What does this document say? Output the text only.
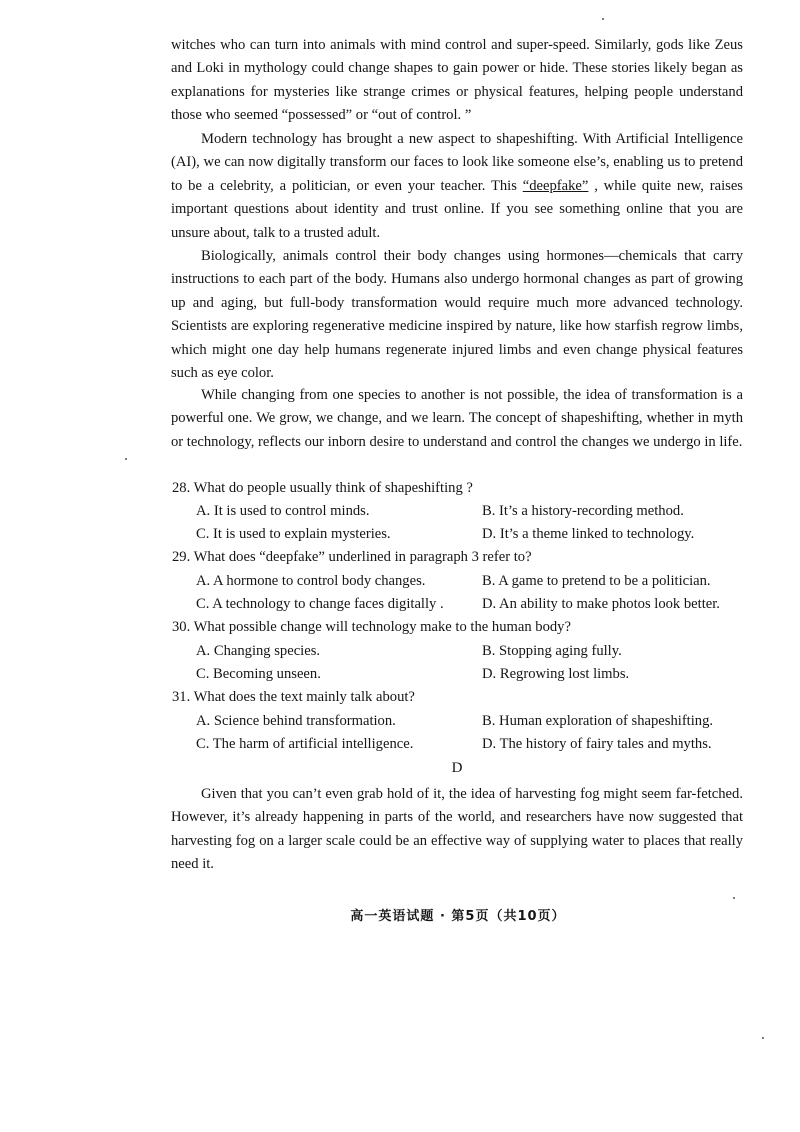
witches who can turn into animals with mind control and super-speed. Similarly, gods like Zeus and Loki in mythology could change shapes to gain power or hide. These stories likely began as explanations for mysteries like strange crimes or physical features, helping people understand those who seemed “possessed” or “out of control. ”

Modern technology has brought a new aspect to shapeshifting. With Artificial Intelligence (AI), we can now digitally transform our faces to look like someone else’s, enabling us to pretend to be a celebrity, a politician, or even your teacher. This “deepfake” , while quite new, raises important questions about identity and trust online. If you see something online that you are unsure about, talk to a trusted adult.

Biologically, animals control their body changes using hormones—chemicals that carry instructions to each part of the body. Humans also undergo hormonal changes as part of growing up and aging, but full-body transformation would require much more advanced technology. Scientists are exploring regenerative medicine inspired by nature, like how starfish regrow limbs, which might one day help humans regenerate injured limbs and even change physical features such as eye color.

While changing from one species to another is not possible, the idea of transformation is a powerful one. We grow, we change, and we learn. The concept of shapeshifting, whether in myth or technology, reflects our inborn desire to understand and control the changes we undergo in life.

28. What do people usually think of shapeshifting ?
A. It is used to control minds.	B. It’s a history-recording method.
C. It is used to explain mysteries.	D. It’s a theme linked to technology.
29. What does “deepfake” underlined in paragraph 3 refer to?
A. A hormone to control body changes.	B. A game to pretend to be a politician.
C. A technology to change faces digitally .	D. An ability to make photos look better.
30. What possible change will technology make to the human body?
A. Changing species.	B. Stopping aging fully.
C. Becoming unseen.	D. Regrowing lost limbs.
31. What does the text mainly talk about?
A. Science behind transformation.	B. Human exploration of shapeshifting.
C. The harm of artificial intelligence.	D. The history of fairy tales and myths.
D

Given that you can’t even grab hold of it, the idea of harvesting fog might seem far-fetched. However, it’s already happening in parts of the world, and researchers have now suggested that harvesting fog on a larger scale could be an effective way of supplying water to places that really need it.

高一英语试题 · 第5页（共10页）
